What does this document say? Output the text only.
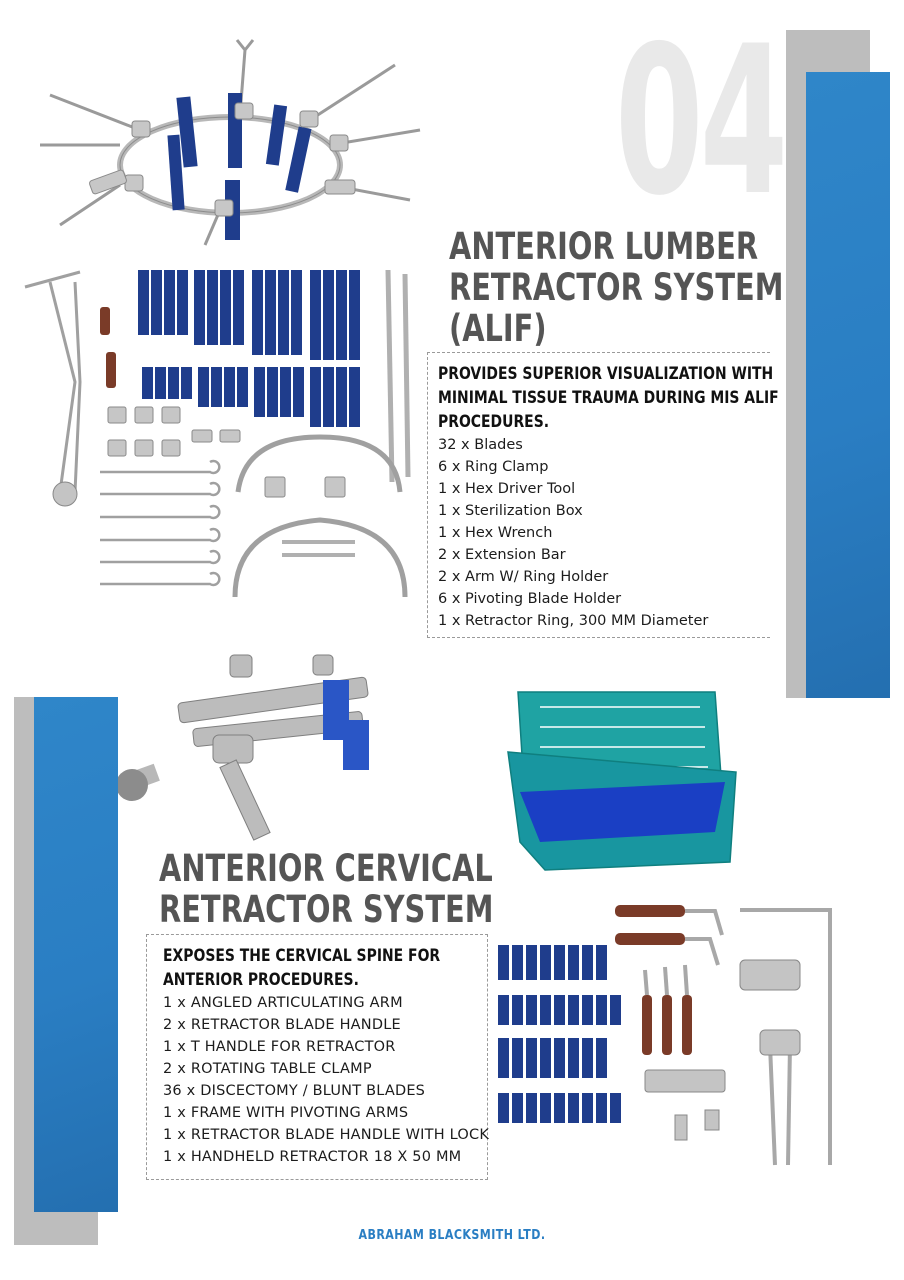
04
ANTERIOR LUMBER
RETRACTOR SYSTEM
(ALIF)
PROVIDES SUPERIOR VISUALIZATION WITH
MINIMAL TISSUE TRAUMA DURING MIS ALIF
PROCEDURES.
32 x Blades
6 x Ring Clamp
1 x Hex Driver Tool
1 x Sterilization Box
1 x Hex Wrench
2 x Extension Bar
2 x Arm W/ Ring Holder
6 x Pivoting Blade Holder
1 x Retractor Ring, 300 MM Diameter
ANTERIOR CERVICAL
RETRACTOR SYSTEM
EXPOSES THE CERVICAL SPINE FOR
ANTERIOR PROCEDURES.
1 x ANGLED ARTICULATING ARM
2 x RETRACTOR BLADE HANDLE
1 x T HANDLE FOR RETRACTOR
2 x ROTATING TABLE CLAMP
36 x DISCECTOMY / BLUNT BLADES
1 x FRAME WITH PIVOTING ARMS
1 x RETRACTOR BLADE HANDLE WITH LOCK
1 x HANDHELD RETRACTOR 18 X 50 MM
ABRAHAM BLACKSMITH LTD.
